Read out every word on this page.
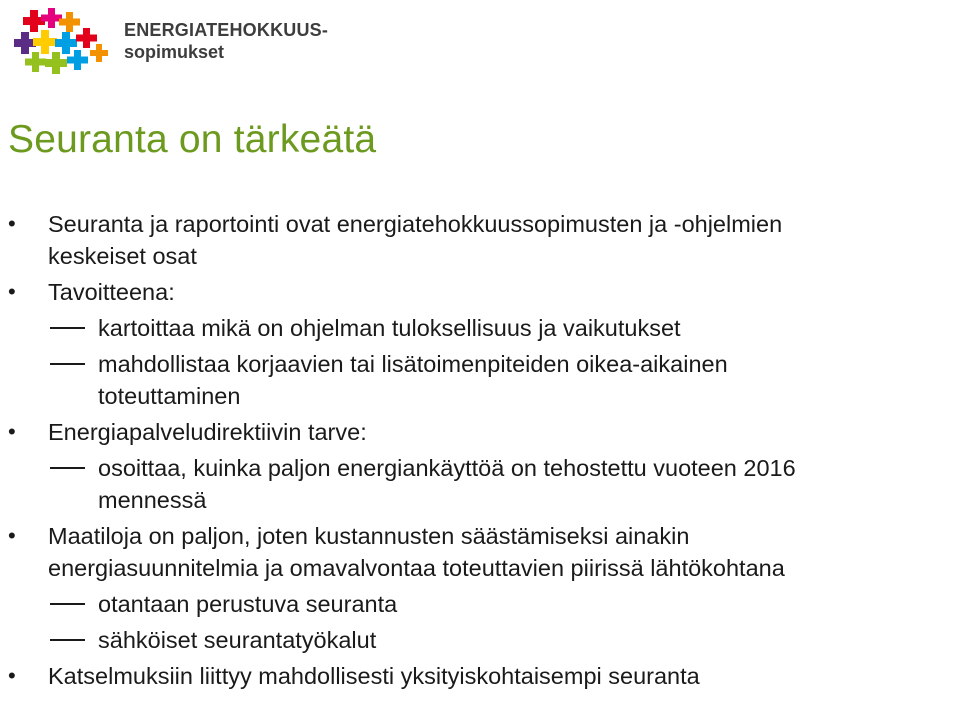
ENERGIATEHOKKUUS-
sopimukset
Seuranta on tärkeätä
• Seuranta ja raportointi ovat energiatehokkuussopimusten ja -ohjelmien
keskeiset osat
• Tavoitteena:
kartoittaa mikä on ohjelman tuloksellisuus ja vaikutukset
mahdollistaa korjaavien tai lisätoimenpiteiden oikea-aikainen
toteuttaminen
• Energiapalveludirektiivin tarve:
osoittaa, kuinka paljon energiankäyttöä on tehostettu vuoteen 2016
mennessä
• Maatiloja on paljon, joten kustannusten säästämiseksi ainakin
energiasuunnitelmia ja omavalvontaa toteuttavien piirissä lähtökohtana
otantaan perustuva seuranta
sähköiset seurantatyökalut
• Katselmuksiin liittyy mahdollisesti yksityiskohtaisempi seuranta
